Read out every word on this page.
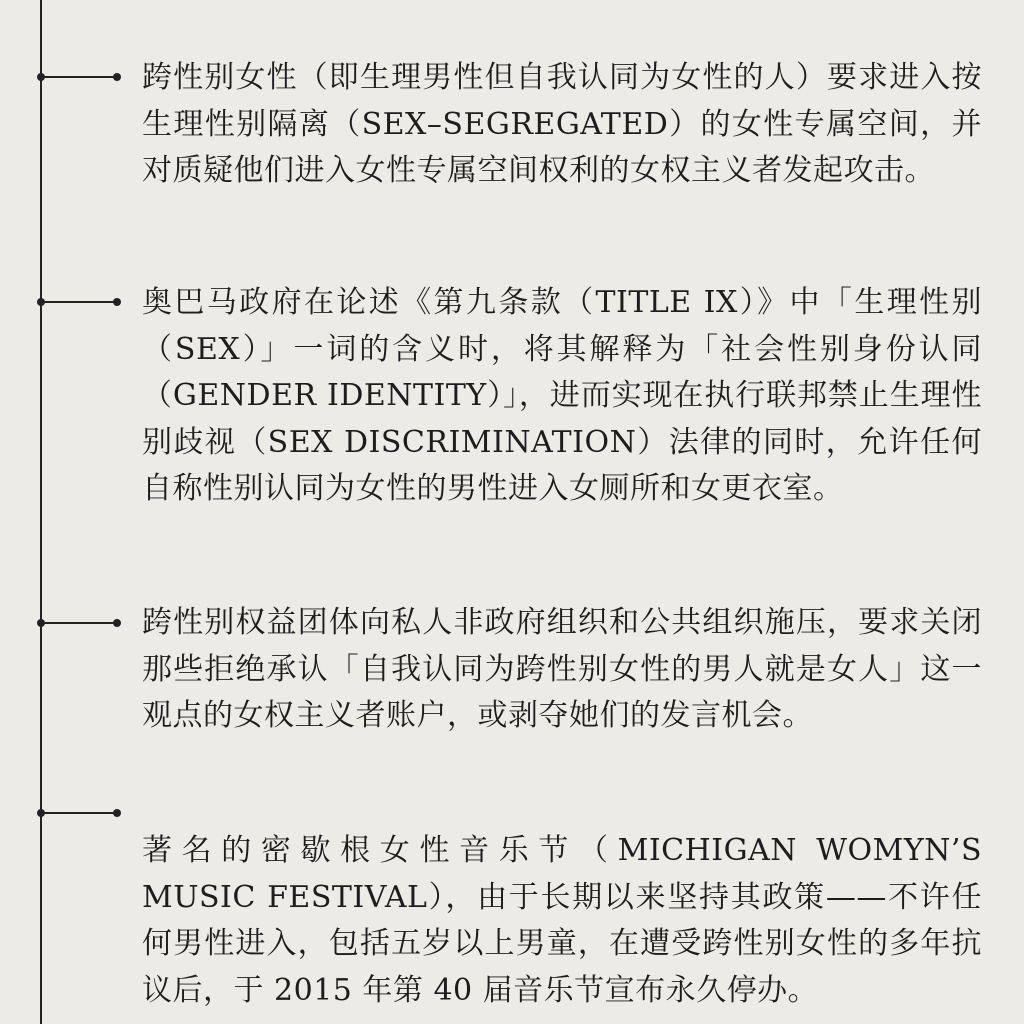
跨性别女性（即生理男性但自我认同为女性的人）要求进入按生理性别隔离（SEX–SEGREGATED）的女性专属空间，并对质疑他们进入女性专属空间权利的女权主义者发起攻击。

奥巴马政府在论述《第九条款（TITLE IX）》中「生理性别（SEX）」一词的含义时，将其解释为「社会性别身份认同（GENDER IDENTITY）」，进而实现在执行联邦禁止生理性别歧视（SEX DISCRIMINATION）法律的同时，允许任何自称性别认同为女性的男性进入女厕所和女更衣室。

跨性别权益团体向私人非政府组织和公共组织施压，要求关闭那些拒绝承认「自我认同为跨性别女性的男人就是女人」这一观点的女权主义者账户，或剥夺她们的发言机会。

著名的密歇根女性音乐节（MICHIGAN WOMYN’S MUSIC FESTIVAL），由于长期以来坚持其政策——不许任何男性进入，包括五岁以上男童，在遭受跨性别女性的多年抗议后，于 2015 年第 40 届音乐节宣布永久停办。
